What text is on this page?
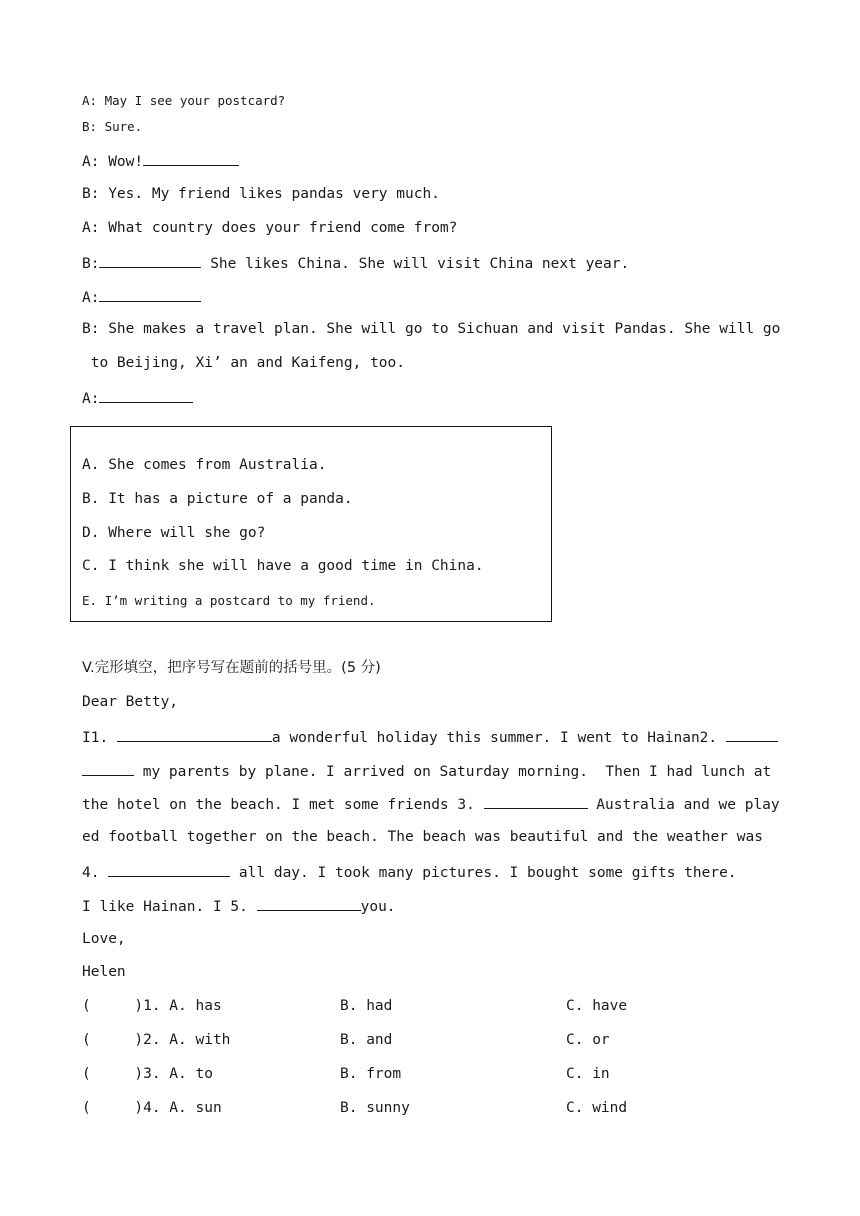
A: May I see your postcard?
B: Sure.
A: Wow!
B: Yes. My friend likes pandas very much.
A: What country does your friend come from?
B:	She likes China. She will visit China next year.
A:
B: She makes a travel plan. She will go to Sichuan and visit Pandas. She will go
to Beijing, Xi’ an and Kaifeng, too.
A:
A. She comes from Australia.
B. It has a picture of a panda.
D. Where will she go?
C. I think she will have a good time in China.
E. I’m writing a postcard to my friend.
V.完形填空，把序号写在题前的括号里。(5 分)
Dear Betty,
I1.	a wonderful holiday this summer. I went to Hainan2.
my parents by plane. I arrived on Saturday morning.  Then I had lunch at
the hotel on the beach. I met some friends 3.	Australia and we play
ed football together on the beach. The beach was beautiful and the weather was
4.	all day. I took many pictures. I bought some gifts there.
I like Hainan. I 5.	you.
Love,
Helen
(     )1. A. has	B. had	C. have
(     )2. A. with	B. and	C. or
(     )3. A. to	B. from	C. in
(     )4. A. sun	B. sunny	C. wind
